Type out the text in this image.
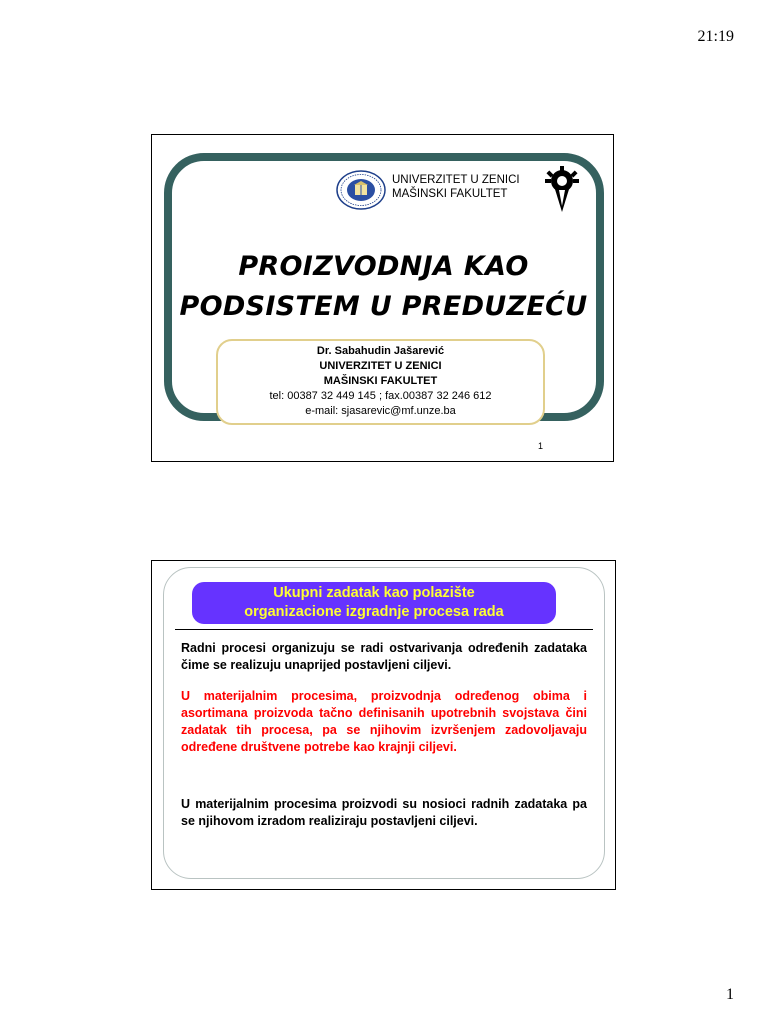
21:19
UNIVERZITET U ZENICI
MAŠINSKI FAKULTET
PROIZVODNJA KAO
PODSISTEM U PREDUZEĆU
Dr. Sabahudin Jašarević
UNIVERZITET U ZENICI
MAŠINSKI FAKULTET
tel: 00387 32 449 145 ; fax.00387 32 246 612
e-mail: sjasarevic@mf.unze.ba
1
Ukupni zadatak kao polazište
organizacione izgradnje procesa rada

Radni procesi organizuju se radi ostvarivanja određenih zadataka čime se realizuju unaprijed postavljeni ciljevi.

U materijalnim procesima, proizvodnja određenog obima i asortimana proizvoda tačno definisanih upotrebnih svojstava čini zadatak tih procesa, pa se njihovim izvršenjem zadovoljavaju određene društvene potrebe kao krajnji ciljevi.

U materijalnim procesima proizvodi su nosioci radnih zadataka pa se njihovom izradom realiziraju postavljeni ciljevi.

1
